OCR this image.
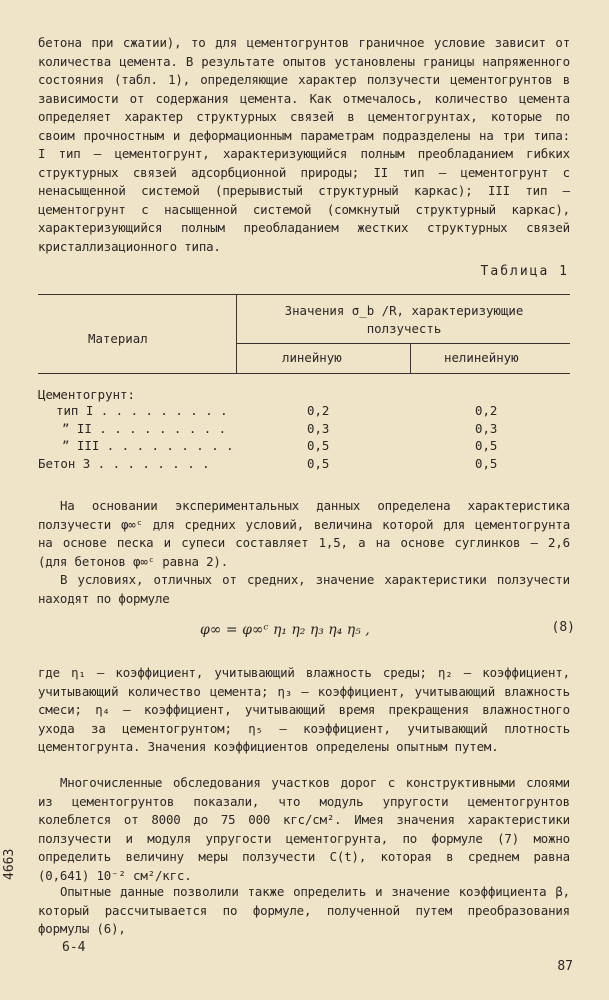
бетона при сжатии), то для цементогрунтов граничное условие зависит от количества цемента. В результате опытов установлены границы напряженного состояния (табл. 1), определяющие характер ползучести цементогрунтов в зависимости от содержания цемента. Как отмечалось, количество цемента определяет характер структурных связей в цементогрунтах, которые по своим прочностным и деформационным параметрам подразделены на три типа: I тип – цементогрунт, характеризующийся полным преобладанием гибких структурных связей адсорбционной природы; II тип – цементогрунт с ненасыщенной системой (прерывистый структурный каркас); III тип – цементогрунт с насыщенной системой (сомкнутый структурный каркас), характеризующийся полным преобладанием жестких структурных связей кристаллизационного типа.

Таблица 1
Материал
Значения σ_b /R, характеризующие ползучесть
линейную	нелинейную
Цементогрунт:
тип I . . . . . . . . .	0,2	0,2
” II . . . . . . . . .	0,3	0,3
” III . . . . . . . . .	0,5	0,5
Бетон 3 . . . . . . . .	0,5	0,5

На основании экспериментальных данных определена характеристика ползучести φ∞ᶜ для средних условий, величина которой для цементогрунта на основе песка и супеси составляет 1,5, а на основе суглинков – 2,6 (для бетонов φ∞ᶜ равна 2).

В условиях, отличных от средних, значение характеристики ползучести находят по формуле

φ∞ = φ∞ᶜ η₁ η₂ η₃ η₄ η₅ ,	(8)

где η₁ – коэффициент, учитывающий влажность среды; η₂ – коэффициент, учитывающий количество цемента; η₃ – коэффициент, учитывающий влажность смеси; η₄ – коэффициент, учитывающий время прекращения влажностного ухода за цементогрунтом; η₅ – коэффициент, учитывающий плотность цементогрунта. Значения коэффициентов определены опытным путем.

Многочисленные обследования участков дорог с конструктивными слоями из цементогрунтов показали, что модуль упругости цементогрунтов колеблется от 8000 до 75 000 кгс/см². Имея значения характеристики ползучести и модуля упругости цементогрунта, по формуле (7) можно определить величину меры ползучести C(t), которая в среднем равна (0,641) 10⁻² см²/кгс.

Опытные данные позволили также определить и значение коэффициента β, который рассчитывается по формуле, полученной путем преобразования формулы (6),

6-4
87
4663
